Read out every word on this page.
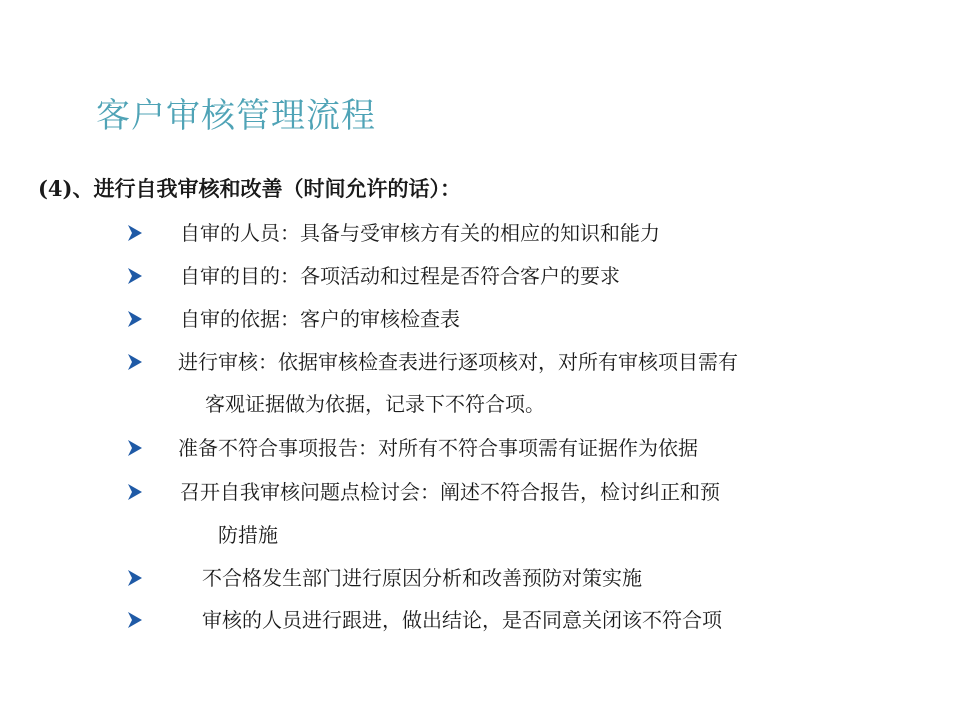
客户审核管理流程
(4)、进行自我审核和改善（时间允许的话）：
自审的人员：具备与受审核方有关的相应的知识和能力
自审的目的：各项活动和过程是否符合客户的要求
自审的依据：客户的审核检查表
进行审核：依据审核检查表进行逐项核对，对所有审核项目需有
客观证据做为依据，记录下不符合项。
准备不符合事项报告：对所有不符合事项需有证据作为依据
召开自我审核问题点检讨会：阐述不符合报告，检讨纠正和预
防措施
不合格发生部门进行原因分析和改善预防对策实施
审核的人员进行跟进，做出结论，是否同意关闭该不符合项
